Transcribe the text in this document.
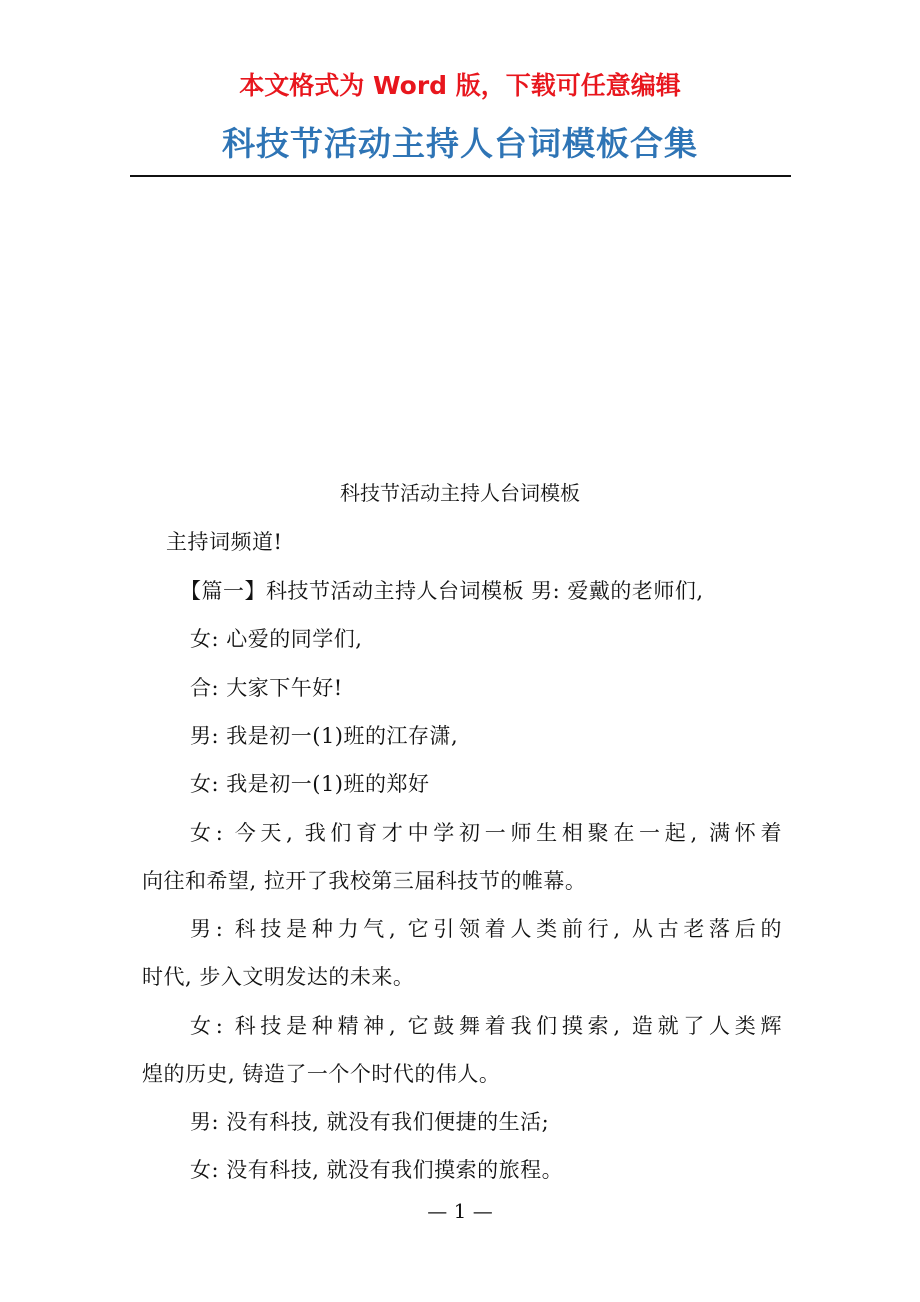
本文格式为 Word 版，下载可任意编辑
科技节活动主持人台词模板合集
科技节活动主持人台词模板
主持词频道!
【篇一】科技节活动主持人台词模板 男: 爱戴的老师们,
女: 心爱的同学们,
合: 大家下午好!
男: 我是初一(1)班的江存潇,
女: 我是初一(1)班的郑好
女: 今天, 我们育才中学初一师生相聚在一起, 满怀着
向往和希望, 拉开了我校第三届科技节的帷幕。
男: 科技是种力气, 它引领着人类前行, 从古老落后的
时代, 步入文明发达的未来。
女: 科技是种精神, 它鼓舞着我们摸索, 造就了人类辉
煌的历史, 铸造了一个个时代的伟人。
男: 没有科技, 就没有我们便捷的生活;
女: 没有科技, 就没有我们摸索的旅程。
— 1 —
